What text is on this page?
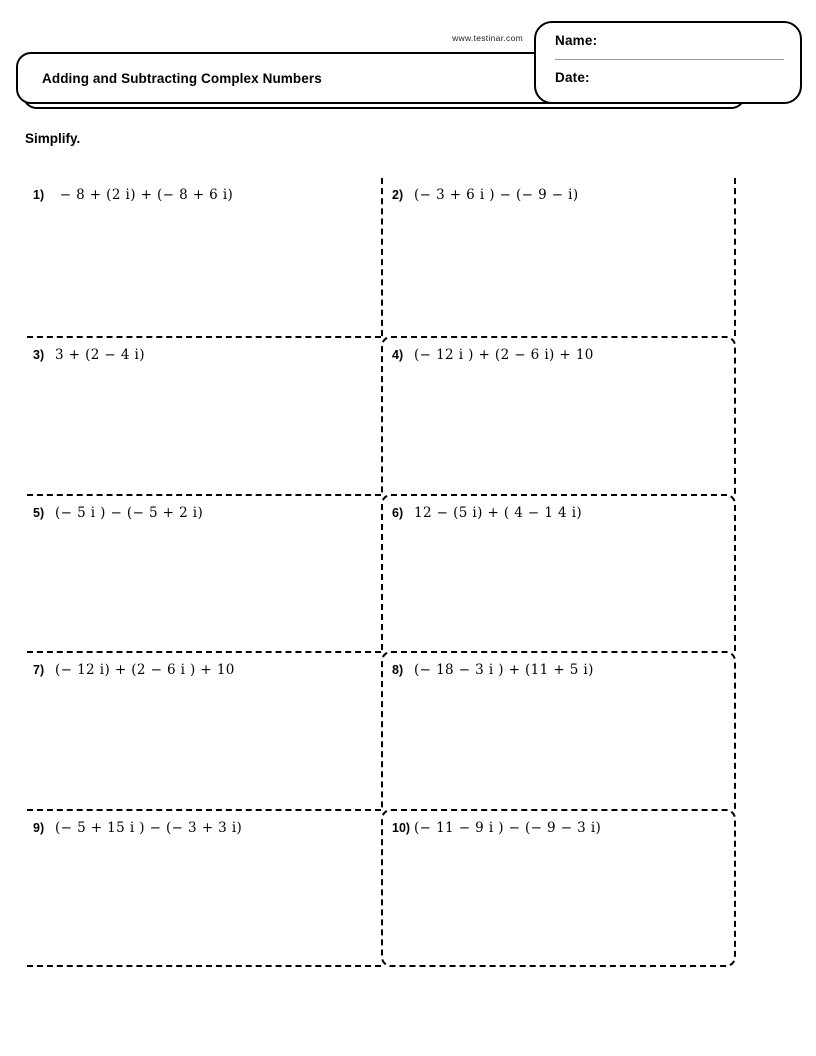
www.testinar.com
Adding and Subtracting Complex Numbers
Name:
Date:
Simplify.
1) − 8 + (2 i) + (− 8 + 6 i)	2) (− 3 + 6 i ) − (− 9 − i)
3) 3 + (2 − 4 i)	4) (− 12 i ) + (2 − 6 i) + 10
5) (− 5 i ) − (− 5 + 2 i)	6) 12 − (5 i) + ( 4 − 1 4 i)
7) (− 12 i) + (2 − 6 i ) + 10	8) (− 18 − 3 i ) + (11 + 5 i)
9) (− 5 + 15 i ) − (− 3 + 3 i)	10) (− 11 − 9 i ) − (− 9 − 3 i)
